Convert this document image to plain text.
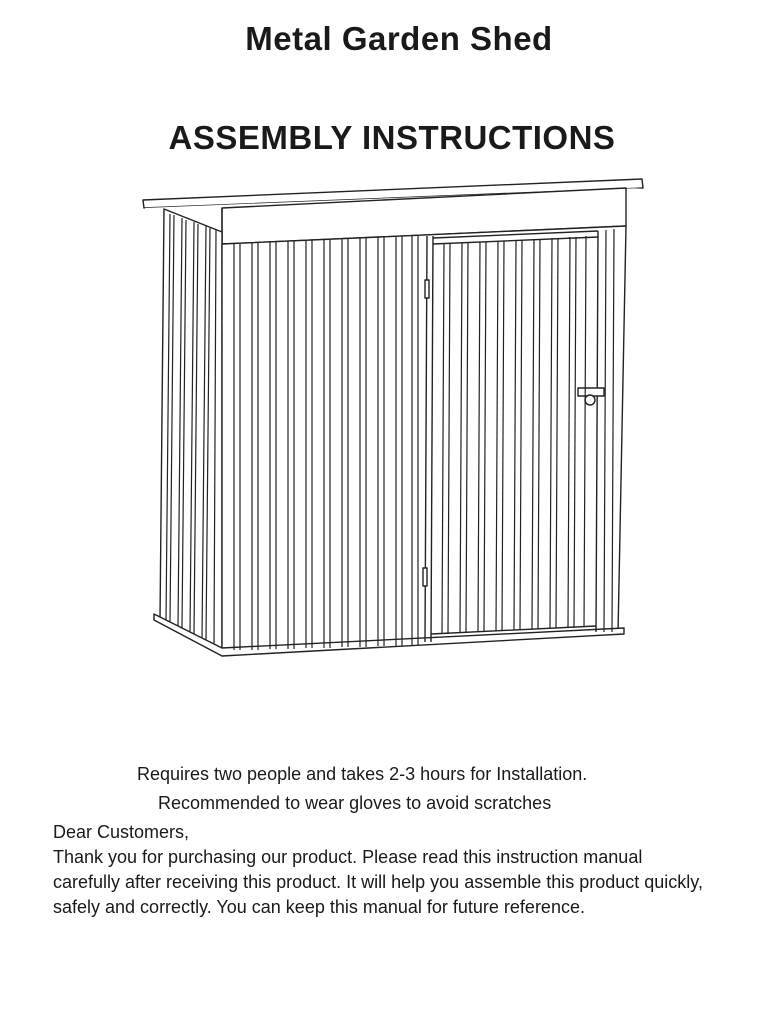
Metal Garden Shed
ASSEMBLY INSTRUCTIONS

Requires two people and takes 2-3 hours for Installation.

Recommended to wear gloves to avoid scratches

Dear Customers,

Thank you for purchasing our product. Please read this instruction manual carefully after receiving this product. It will help you assemble this product quickly, safely and correctly. You can keep this manual for future reference.
